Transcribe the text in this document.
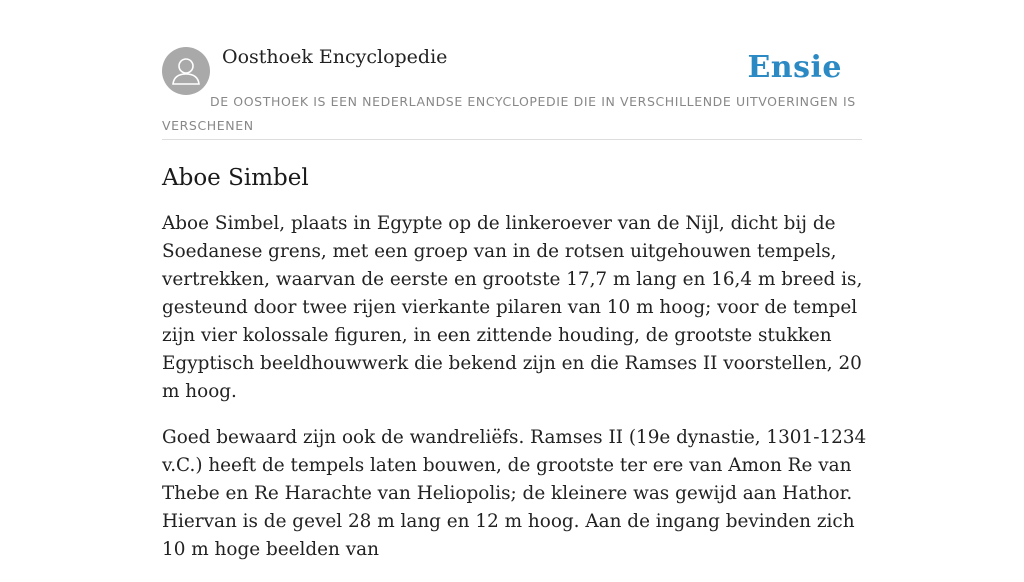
Oosthoek Encyclopedie	Ensie
DE OOSTHOEK IS EEN NEDERLANDSE ENCYCLOPEDIE DIE IN VERSCHILLENDE UITVOERINGEN IS VERSCHENEN
Aboe Simbel

Aboe Simbel, plaats in Egypte op de linkeroever van de Nijl, dicht bij de Soedanese grens, met een groep van in de rotsen uitgehouwen tempels, vertrekken, waarvan de eerste en grootste 17,7 m lang en 16,4 m breed is, gesteund door twee rijen vierkante pilaren van 10 m hoog; voor de tempel zijn vier kolossale figuren, in een zittende houding, de grootste stukken Egyptisch beeldhouwwerk die bekend zijn en die Ramses II voorstellen, 20 m hoog.

Goed bewaard zijn ook de wandreliëfs. Ramses II (19e dynastie, 1301-1234 v.C.) heeft de tempels laten bouwen, de grootste ter ere van Amon Re van Thebe en Re Harachte van Heliopolis; de kleinere was gewijd aan Hathor. Hiervan is de gevel 28 m lang en 12 m hoog. Aan de ingang bevinden zich 10 m hoge beelden van
